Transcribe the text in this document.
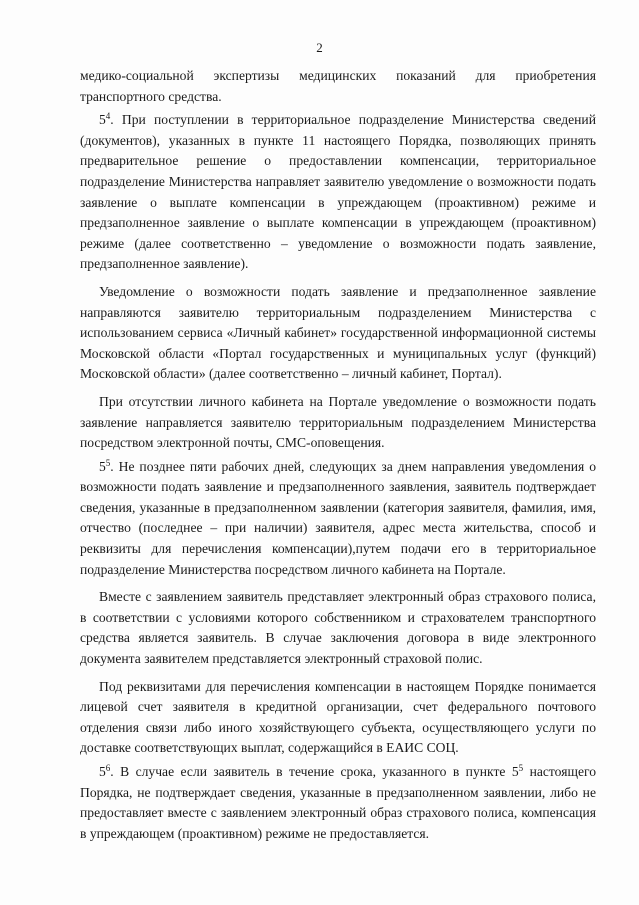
2

медико-социальной экспертизы медицинских показаний для приобретения транспортного средства.

$5^4$. При поступлении в территориальное подразделение Министерства сведений (документов), указанных в пункте 11 настоящего Порядка, позволяющих принять предварительное решение о предоставлении компенсации, территориальное подразделение Министерства направляет заявителю уведомление о возможности подать заявление о выплате компенсации в упреждающем (проактивном) режиме и предзаполненное заявление о выплате компенсации в упреждающем (проактивном) режиме (далее соответственно – уведомление о возможности подать заявление, предзаполненное заявление).

Уведомление о возможности подать заявление и предзаполненное заявление направляются заявителю территориальным подразделением Министерства с использованием сервиса «Личный кабинет» государственной информационной системы Московской области «Портал государственных и муниципальных услуг (функций) Московской области» (далее соответственно – личный кабинет, Портал).

При отсутствии личного кабинета на Портале уведомление о возможности подать заявление направляется заявителю территориальным подразделением Министерства посредством электронной почты, СМС-оповещения.

$5^5$. Не позднее пяти рабочих дней, следующих за днем направления уведомления о возможности подать заявление и предзаполненного заявления, заявитель подтверждает сведения, указанные в предзаполненном заявлении (категория заявителя, фамилия, имя, отчество (последнее – при наличии) заявителя, адрес места жительства, способ и реквизиты для перечисления компенсации),путем подачи его в территориальное подразделение Министерства посредством личного кабинета на Портале.

Вместе с заявлением заявитель представляет электронный образ страхового полиса, в соответствии с условиями которого собственником и страхователем транспортного средства является заявитель. В случае заключения договора в виде электронного документа заявителем представляется электронный страховой полис.

Под реквизитами для перечисления компенсации в настоящем Порядке понимается лицевой счет заявителя в кредитной организации, счет федерального почтового отделения связи либо иного хозяйствующего субъекта, осуществляющего услуги по доставке соответствующих выплат, содержащийся в ЕАИС СОЦ.

$5^6$. В случае если заявитель в течение срока, указанного в пункте $5^5$ настоящего Порядка, не подтверждает сведения, указанные в предзаполненном заявлении, либо не предоставляет вместе с заявлением электронный образ страхового полиса, компенсация в упреждающем (проактивном) режиме не предоставляется.
